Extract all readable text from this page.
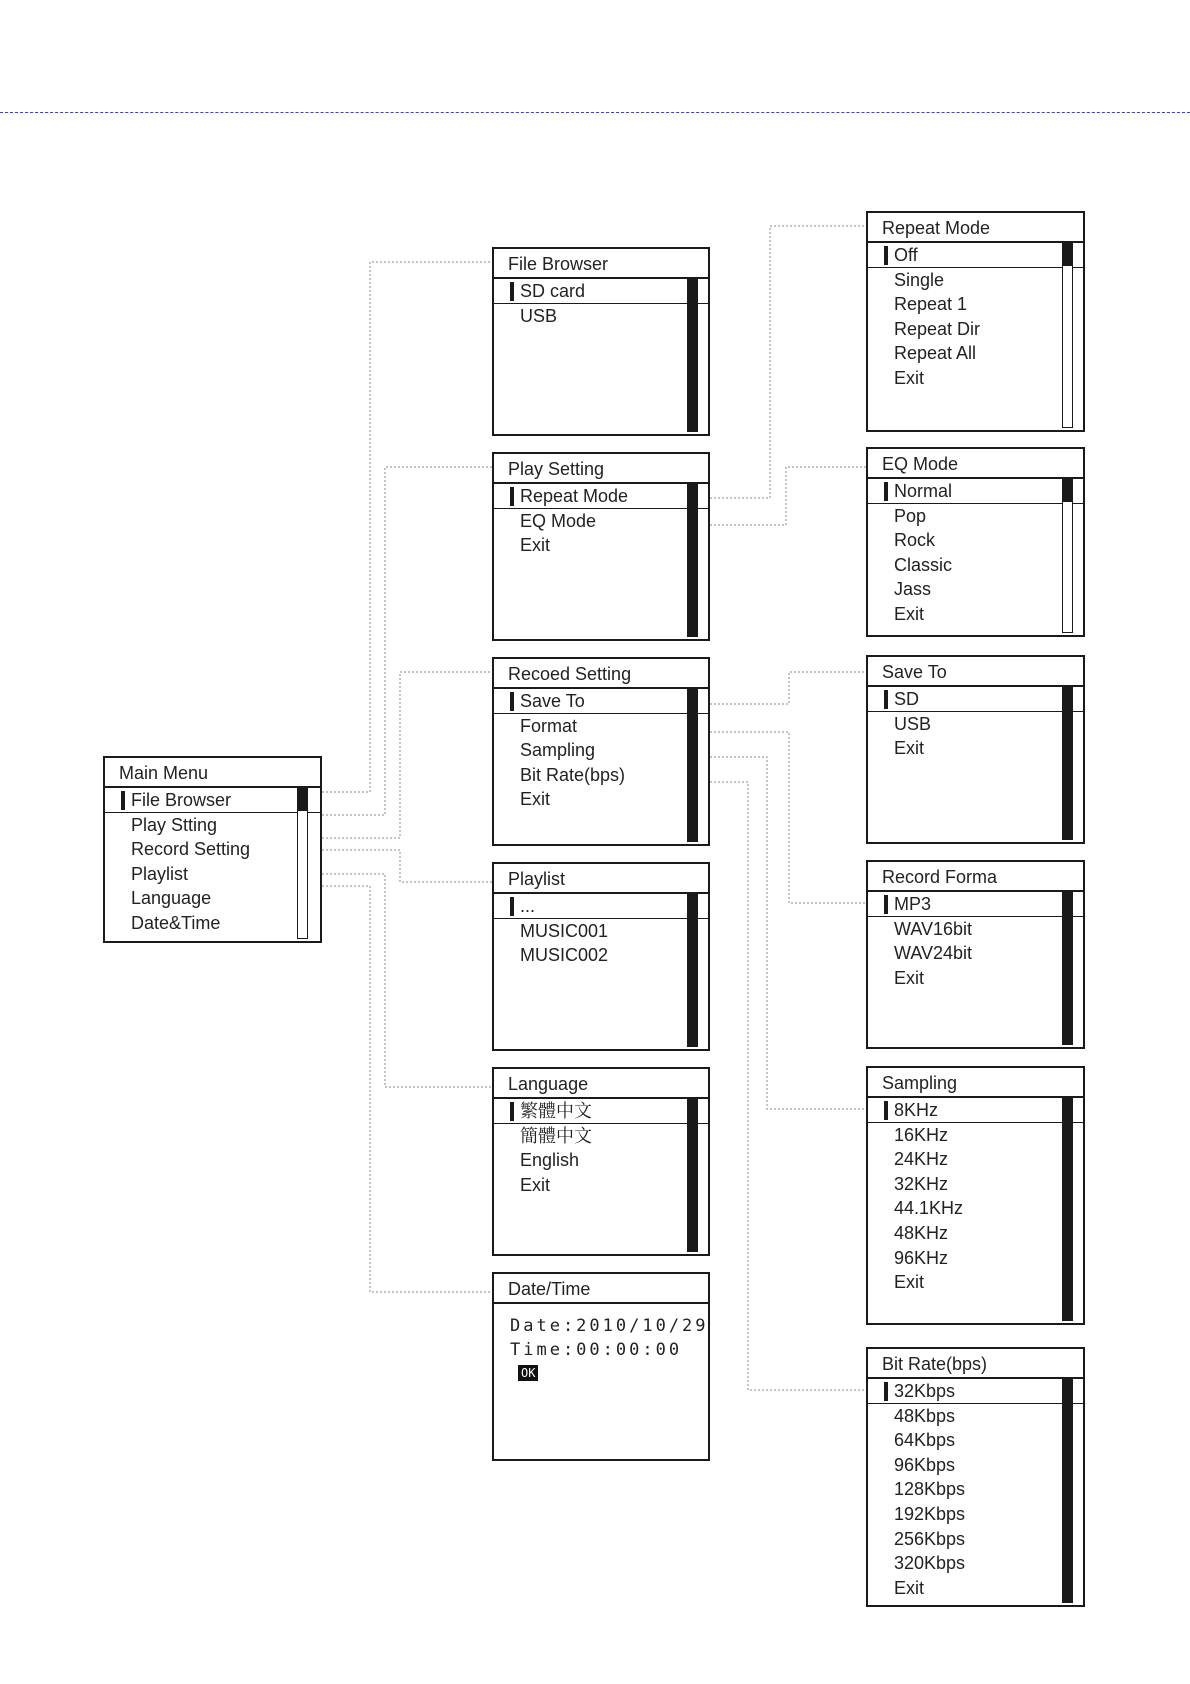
Main Menu
File Browser
Play Stting
Record Setting
Playlist
Language
Date&Time
File Browser
SD card
USB
Play Setting
Repeat Mode
EQ Mode
Exit
Recoed Setting
Save To
Format
Sampling
Bit Rate(bps)
Exit
Playlist
...
MUSIC001
MUSIC002
Language
繁體中文
簡體中文
English
Exit
Date/Time
Date:2010/10/29
Time:00:00:00OK
Repeat Mode
Off
Single
Repeat 1
Repeat Dir
Repeat All
Exit
EQ Mode
Normal
Pop
Rock
Classic
Jass
Exit
Save To
SD
USB
Exit
Record Forma
MP3
WAV16bit
WAV24bit
Exit
Sampling
8KHz
16KHz
24KHz
32KHz
44.1KHz
48KHz
96KHz
Exit
Bit Rate(bps)
32Kbps
48Kbps
64Kbps
96Kbps
128Kbps
192Kbps
256Kbps
320Kbps
Exit
